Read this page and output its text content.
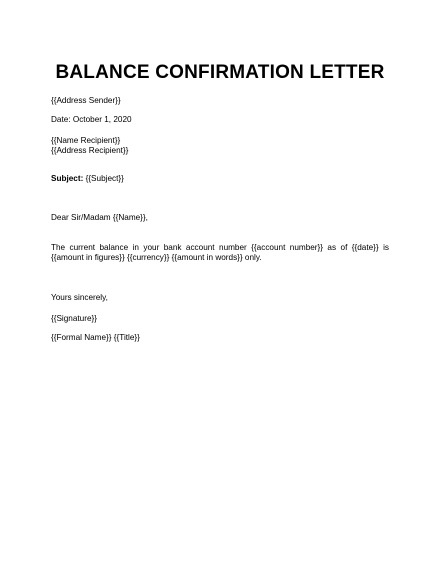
BALANCE CONFIRMATION LETTER
{{Address Sender}}
Date: October 1, 2020
{{Name Recipient}}
{{Address Recipient}}
Subject: {{Subject}}
Dear Sir/Madam {{Name}},
The current balance in your bank account number {{account number}} as of {{date}} is {{amount in figures}} {{currency}} {{amount in words}} only.
Yours sincerely,
{{Signature}}
{{Formal Name}} {{Title}}
